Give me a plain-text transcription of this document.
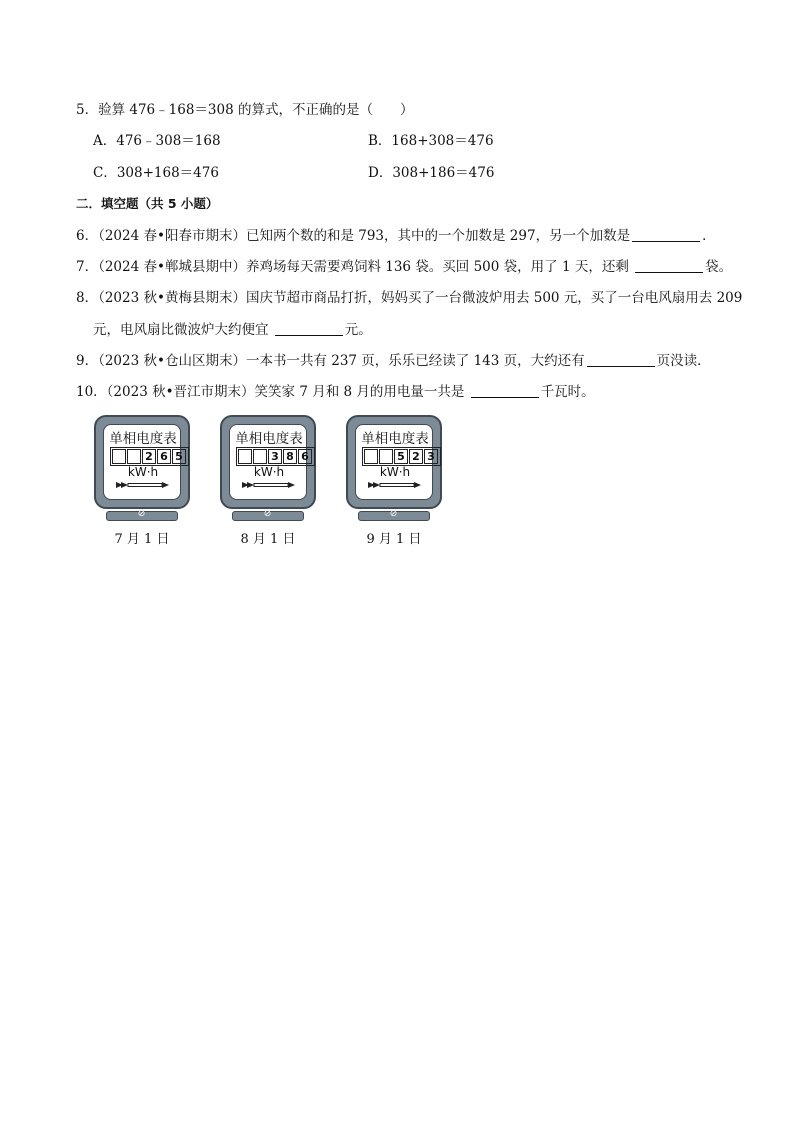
5．验算 476﹣168＝308 的算式，不正确的是（　　）
A．476﹣308＝168	B．168+308＝476
C．308+168＝476	D．308+186＝476
二．填空题（共 5 小题）
6．（2024 春•阳春市期末）已知两个数的和是 793，其中的一个加数是 297，另一个加数是	．
7．（2024 春•郸城县期中）养鸡场每天需要鸡饲料 136 袋。买回 500 袋，用了 1 天，还剩	袋。
8．（2023 秋•黄梅县期末）国庆节超市商品打折，妈妈买了一台微波炉用去 500 元，买了一台电风扇用去 209
元，电风扇比微波炉大约便宜	元。
9．（2023 秋•仓山区期末）一本书一共有 237 页，乐乐已经读了 143 页，大约还有	页没读．
10．（2023 秋•晋江市期末）笑笑家 7 月和 8 月的用电量一共是	千瓦时。
单相电度表
2 6 5
kW·h
⊘
7 月 1 日
单相电度表
3 8 6
kW·h
⊘
8 月 1 日
单相电度表
5 2 3
kW·h
⊘
9 月 1 日
